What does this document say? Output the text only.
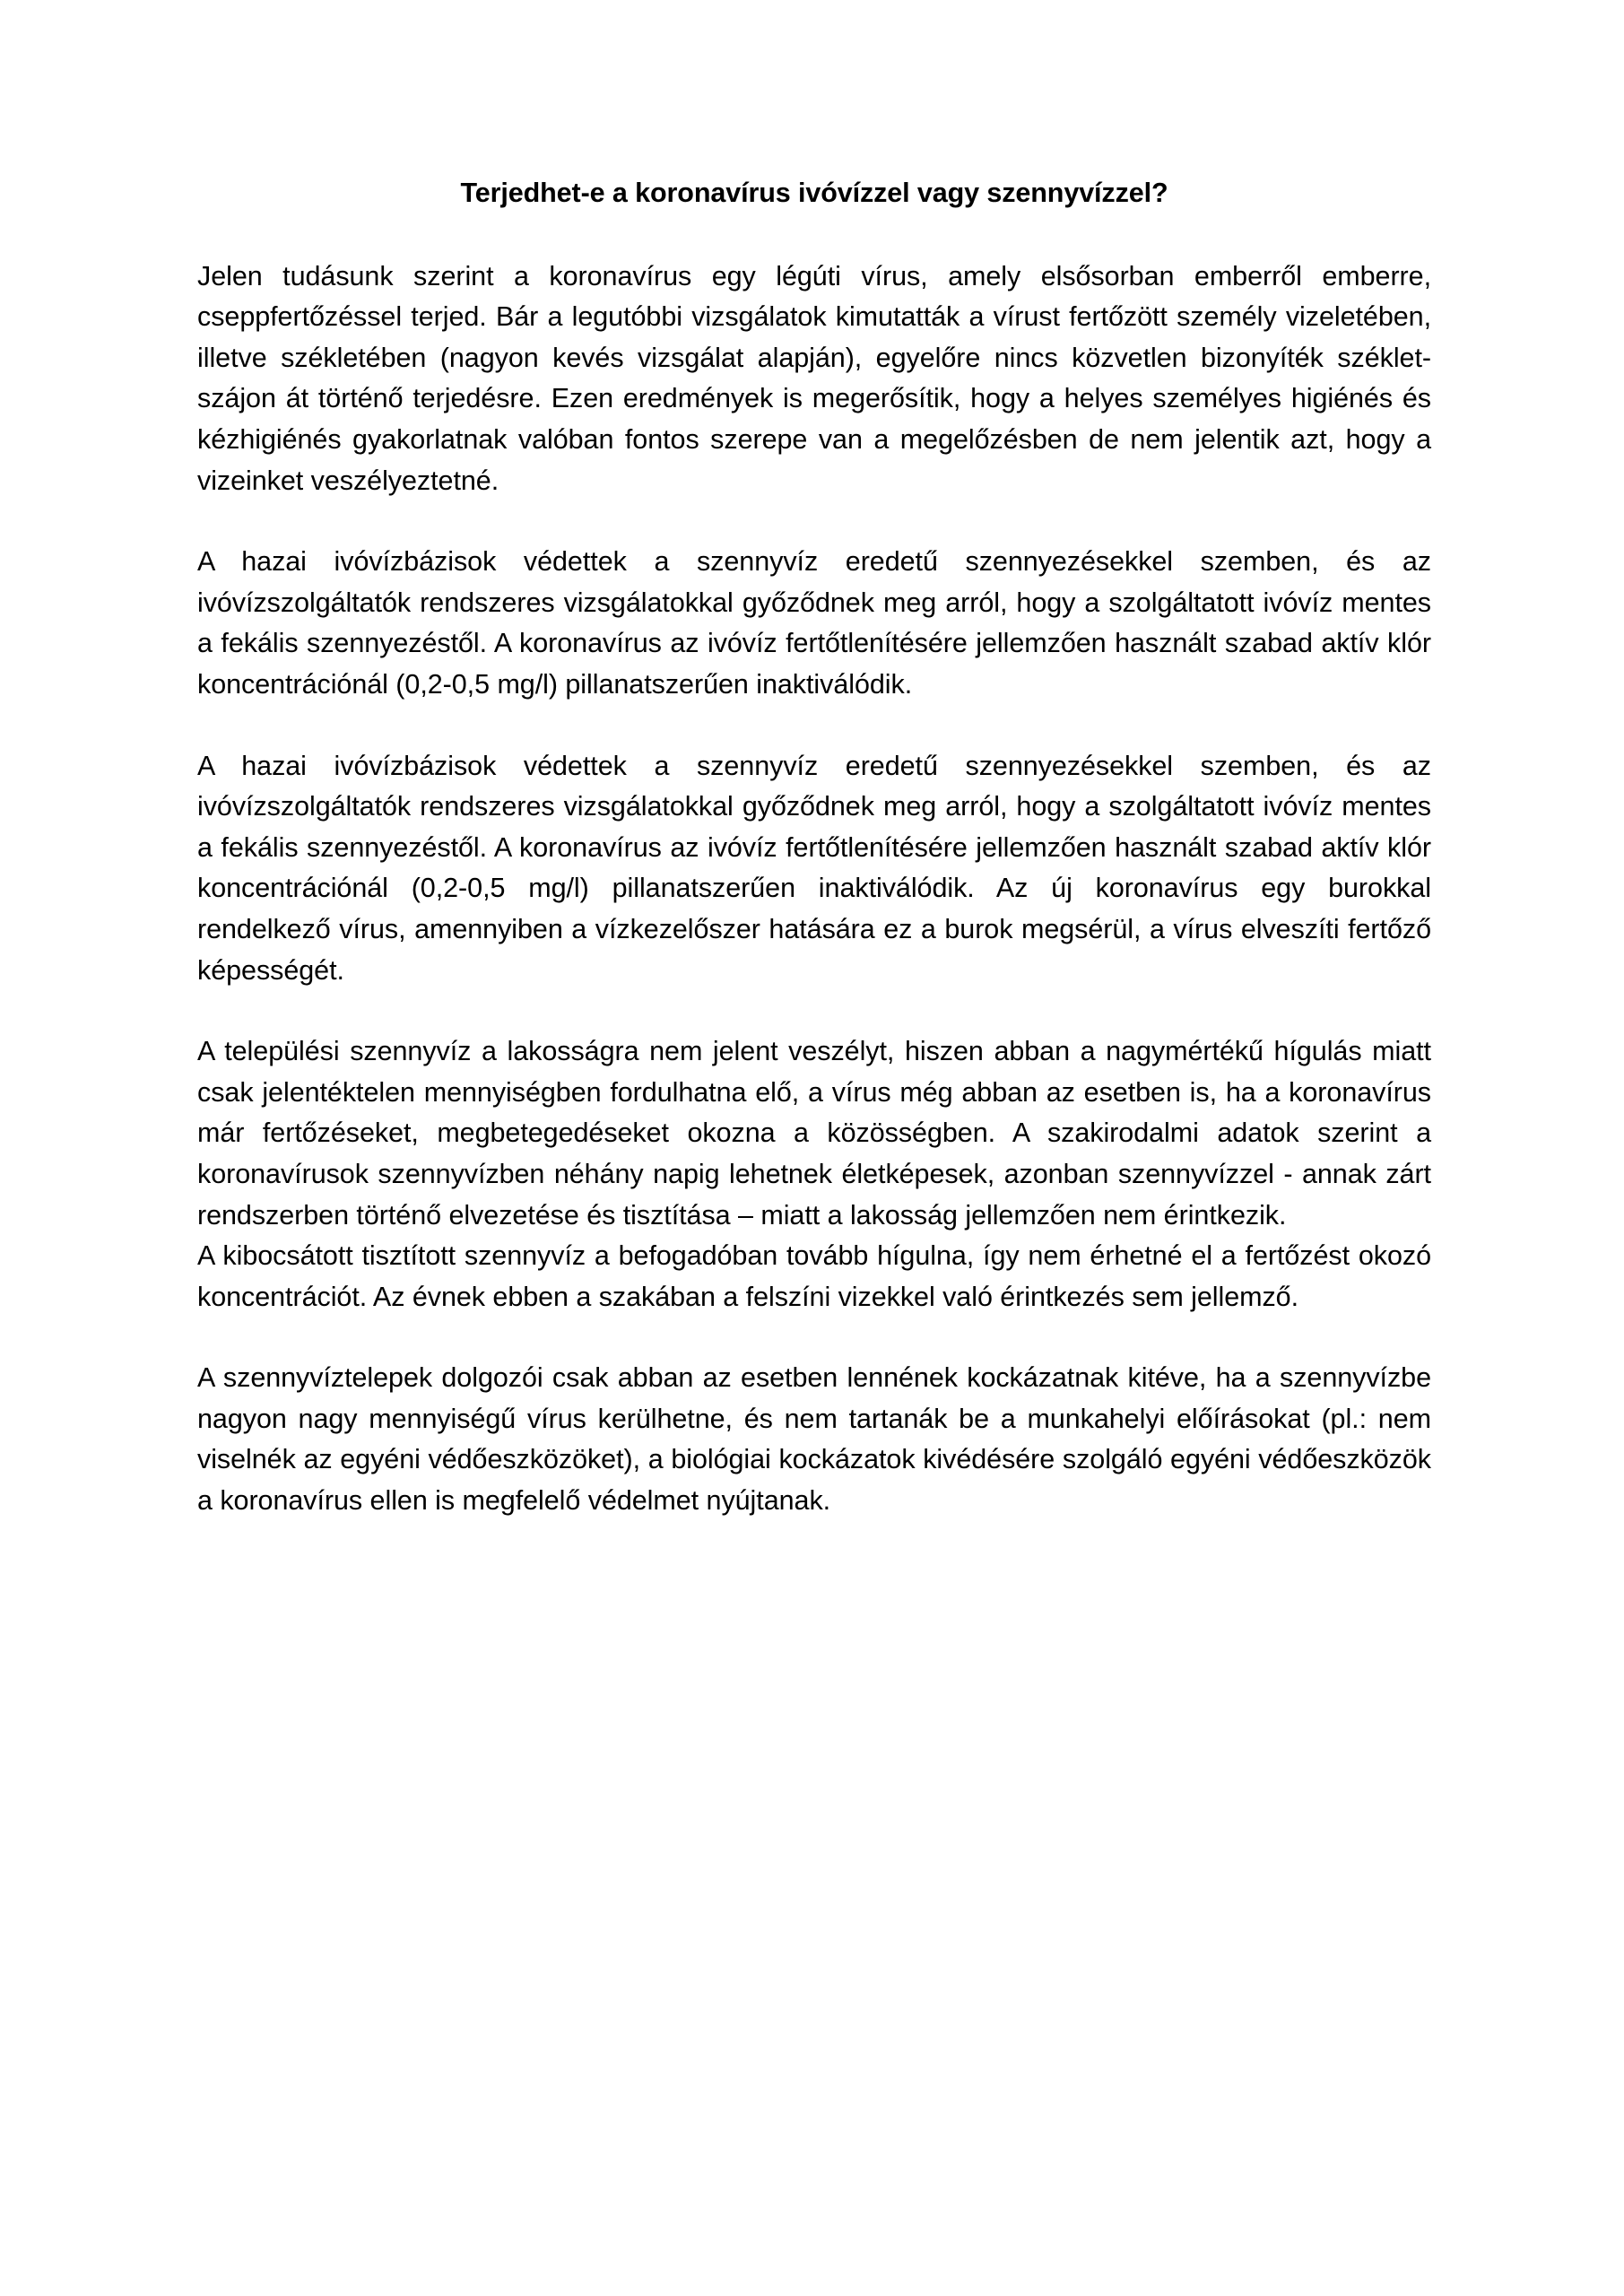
Terjedhet-e a koronavírus ivóvízzel vagy szennyvízzel?

Jelen tudásunk szerint a koronavírus egy légúti vírus, amely elsősorban emberről emberre, cseppfertőzéssel terjed. Bár a legutóbbi vizsgálatok kimutatták a vírust fertőzött személy vizeletében, illetve székletében (nagyon kevés vizsgálat alapján), egyelőre nincs közvetlen bizonyíték széklet-szájon át történő terjedésre. Ezen eredmények is megerősítik, hogy a helyes személyes higiénés és kézhigiénés gyakorlatnak valóban fontos szerepe van a megelőzésben de nem jelentik azt, hogy a vizeinket veszélyeztetné.

A hazai ivóvízbázisok védettek a szennyvíz eredetű szennyezésekkel szemben, és az ivóvízszolgáltatók rendszeres vizsgálatokkal győződnek meg arról, hogy a szolgáltatott ivóvíz mentes a fekális szennyezéstől. A koronavírus az ivóvíz fertőtlenítésére jellemzően használt szabad aktív klór koncentrációnál (0,2-0,5 mg/l) pillanatszerűen inaktiválódik.

A hazai ivóvízbázisok védettek a szennyvíz eredetű szennyezésekkel szemben, és az ivóvízszolgáltatók rendszeres vizsgálatokkal győződnek meg arról, hogy a szolgáltatott ivóvíz mentes a fekális szennyezéstől. A koronavírus az ivóvíz fertőtlenítésére jellemzően használt szabad aktív klór koncentrációnál (0,2-0,5 mg/l) pillanatszerűen inaktiválódik. Az új koronavírus egy burokkal rendelkező vírus, amennyiben a vízkezelőszer hatására ez a burok megsérül, a vírus elveszíti fertőző képességét.

A települési szennyvíz a lakosságra nem jelent veszélyt, hiszen abban a nagymértékű hígulás miatt csak jelentéktelen mennyiségben fordulhatna elő, a vírus még abban az esetben is, ha a koronavírus már fertőzéseket, megbetegedéseket okozna a közösségben. A szakirodalmi adatok szerint a koronavírusok szennyvízben néhány napig lehetnek életképesek, azonban szennyvízzel - annak zárt rendszerben történő elvezetése és tisztítása – miatt a lakosság jellemzően nem érintkezik.

A kibocsátott tisztított szennyvíz a befogadóban tovább hígulna, így nem érhetné el a fertőzést okozó koncentrációt. Az évnek ebben a szakában a felszíni vizekkel való érintkezés sem jellemző.

A szennyvíztelepek dolgozói csak abban az esetben lennének kockázatnak kitéve, ha a szennyvízbe nagyon nagy mennyiségű vírus kerülhetne, és nem tartanák be a munkahelyi előírásokat (pl.: nem viselnék az egyéni védőeszközöket), a biológiai kockázatok kivédésére szolgáló egyéni védőeszközök a koronavírus ellen is megfelelő védelmet nyújtanak.
